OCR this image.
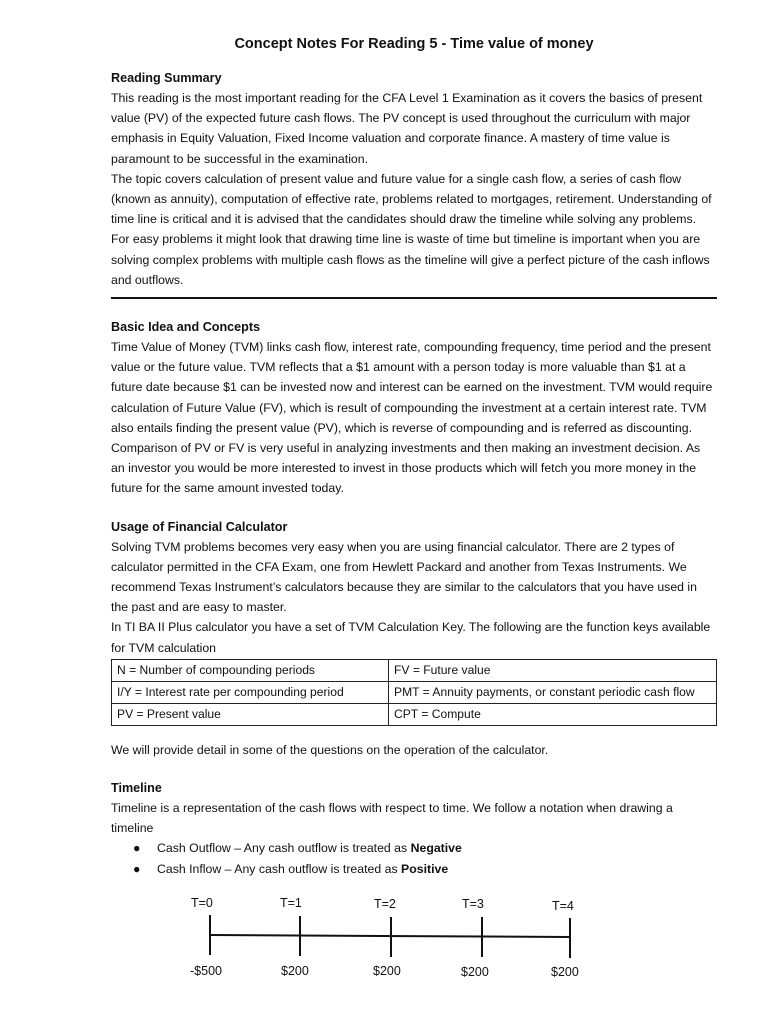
Concept Notes For Reading 5 - Time value of money
Reading Summary

This reading is the most important reading for the CFA Level 1 Examination as it covers the basics of present value (PV) of the expected future cash flows. The PV concept is used throughout the curriculum with major emphasis in Equity Valuation, Fixed Income valuation and corporate finance. A mastery of time value is paramount to be successful in the examination.

The topic covers calculation of present value and future value for a single cash flow, a series of cash flow (known as annuity), computation of effective rate, problems related to mortgages, retirement. Understanding of time line is critical and it is advised that the candidates should draw the timeline while solving any problems. For easy problems it might look that drawing time line is waste of time but timeline is important when you are solving complex problems with multiple cash flows as the timeline will give a perfect picture of the cash inflows and outflows.

Basic Idea and Concepts

Time Value of Money (TVM) links cash flow, interest rate, compounding frequency, time period and the present value or the future value. TVM reflects that a $1 amount with a person today is more valuable than $1 at a future date because $1 can be invested now and interest can be earned on the investment. TVM would require calculation of Future Value (FV), which is result of compounding the investment at a certain interest rate. TVM also entails finding the present value (PV), which is reverse of compounding and is referred as discounting. Comparison of PV or FV is very useful in analyzing investments and then making an investment decision. As an investor you would be more interested to invest in those products which will fetch you more money in the future for the same amount invested today.

Usage of Financial Calculator

Solving TVM problems becomes very easy when you are using financial calculator. There are 2 types of calculator permitted in the CFA Exam, one from Hewlett Packard and another from Texas Instruments. We recommend Texas Instrument’s calculators because they are similar to the calculators that you have used in the past and are easy to master.

In TI BA II Plus calculator you have a set of TVM Calculation Key. The following are the function keys available for TVM calculation

N = Number of compounding periods	FV = Future value
I/Y = Interest rate per compounding period	PMT = Annuity payments, or constant periodic cash flow
PV = Present value	CPT = Compute

We will provide detail in some of the questions on the operation of the calculator.

Timeline

Timeline is a representation of the cash flows with respect to time. We follow a notation when drawing a timeline

● Cash Outflow – Any cash outflow is treated as Negative
● Cash Inflow – Any cash outflow is treated as Positive
T=0	T=1	T=2	T=3	T=4
-$500	$200	$200	$200	$200
